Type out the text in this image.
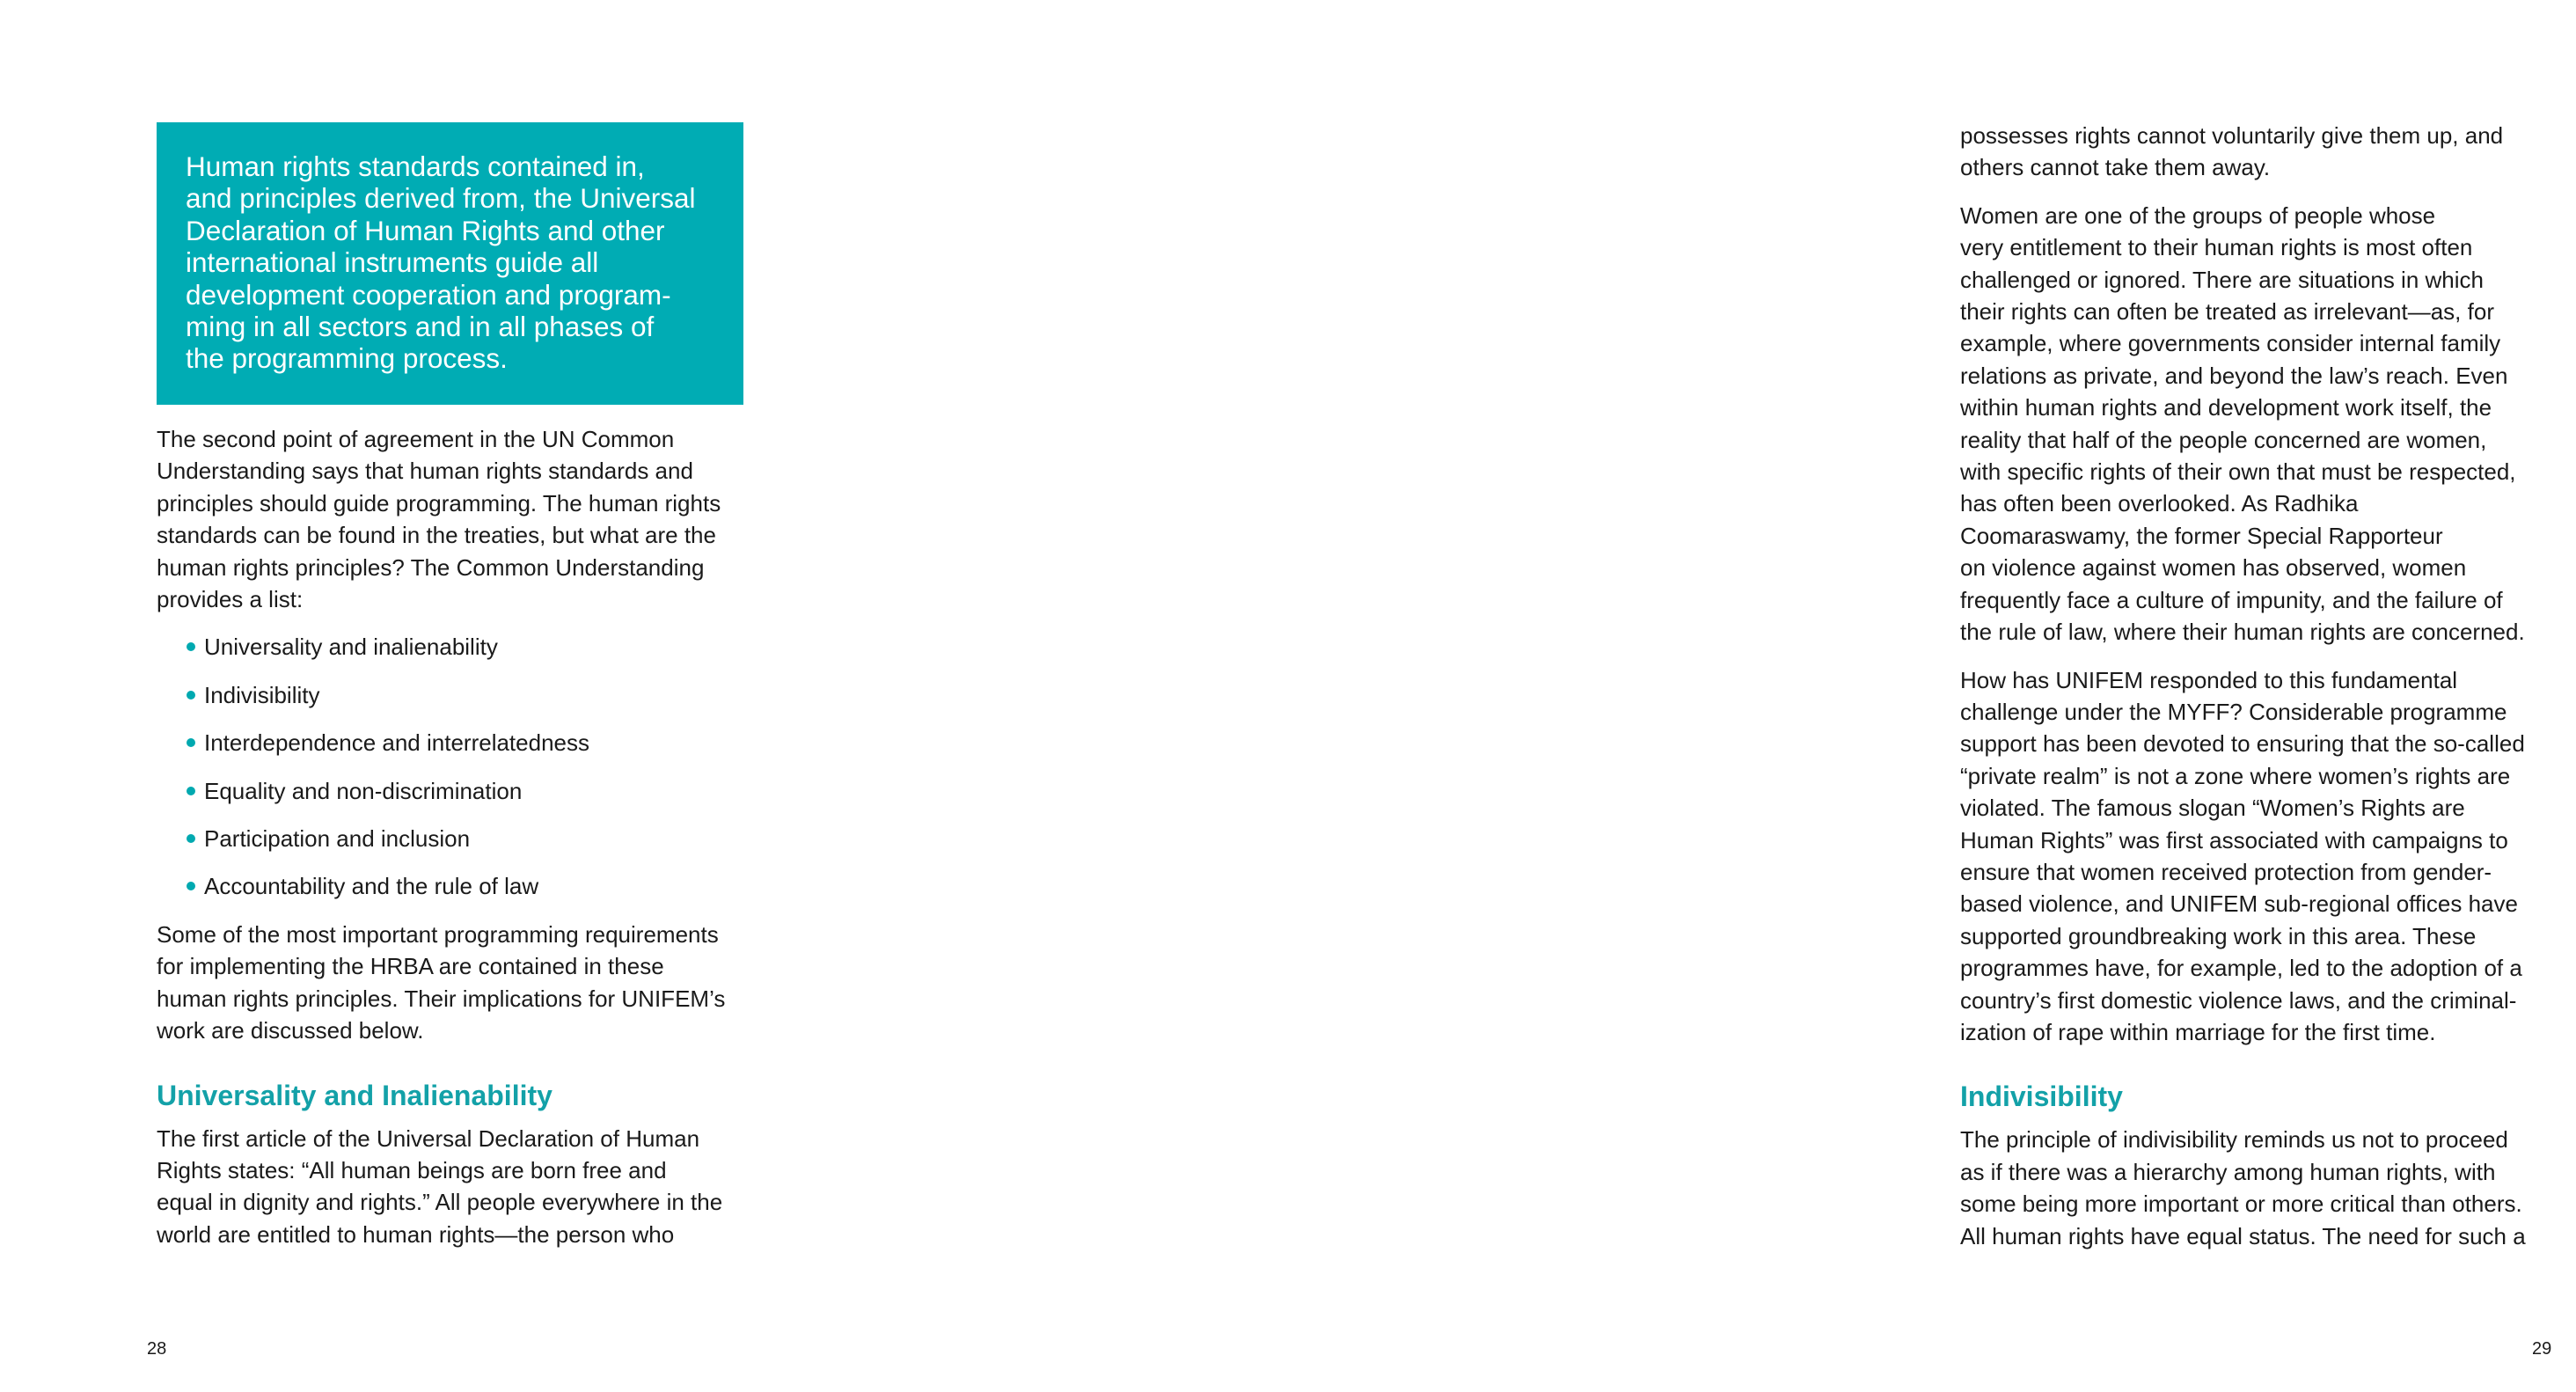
Human rights standards contained in,
and principles derived from, the Universal
Declaration of Human Rights and other
international instruments guide all
development cooperation and program-
ming in all sectors and in all phases of
the programming process.

The second point of agreement in the UN Common
Understanding says that human rights standards and
principles should guide programming. The human rights
standards can be found in the treaties, but what are the
human rights principles? The Common Understanding
provides a list:

Universality and inalienability
Indivisibility
Interdependence and interrelatedness
Equality and non-discrimination
Participation and inclusion
Accountability and the rule of law

Some of the most important programming requirements
for implementing the HRBA are contained in these
human rights principles. Their implications for UNIFEM’s
work are discussed below.

Universality and Inalienability

The first article of the Universal Declaration of Human
Rights states: “All human beings are born free and
equal in dignity and rights.” All people everywhere in the
world are entitled to human rights—the person who

28

possesses rights cannot voluntarily give them up, and
others cannot take them away.

Women are one of the groups of people whose
very entitlement to their human rights is most often
challenged or ignored. There are situations in which
their rights can often be treated as irrelevant—as, for
example, where governments consider internal family
relations as private, and beyond the law’s reach. Even
within human rights and development work itself, the
reality that half of the people concerned are women,
with specific rights of their own that must be respected,
has often been overlooked. As Radhika
Coomaraswamy, the former Special Rapporteur
on violence against women has observed, women
frequently face a culture of impunity, and the failure of
the rule of law, where their human rights are concerned.

How has UNIFEM responded to this fundamental
challenge under the MYFF? Considerable programme
support has been devoted to ensuring that the so-called
“private realm” is not a zone where women’s rights are
violated. The famous slogan “Women’s Rights are
Human Rights” was first associated with campaigns to
ensure that women received protection from gender-
based violence, and UNIFEM sub-regional offices have
supported groundbreaking work in this area. These
programmes have, for example, led to the adoption of a
country’s first domestic violence laws, and the criminal-
ization of rape within marriage for the first time.

Indivisibility

The principle of indivisibility reminds us not to proceed
as if there was a hierarchy among human rights, with
some being more important or more critical than others.
All human rights have equal status. The need for such a

29
